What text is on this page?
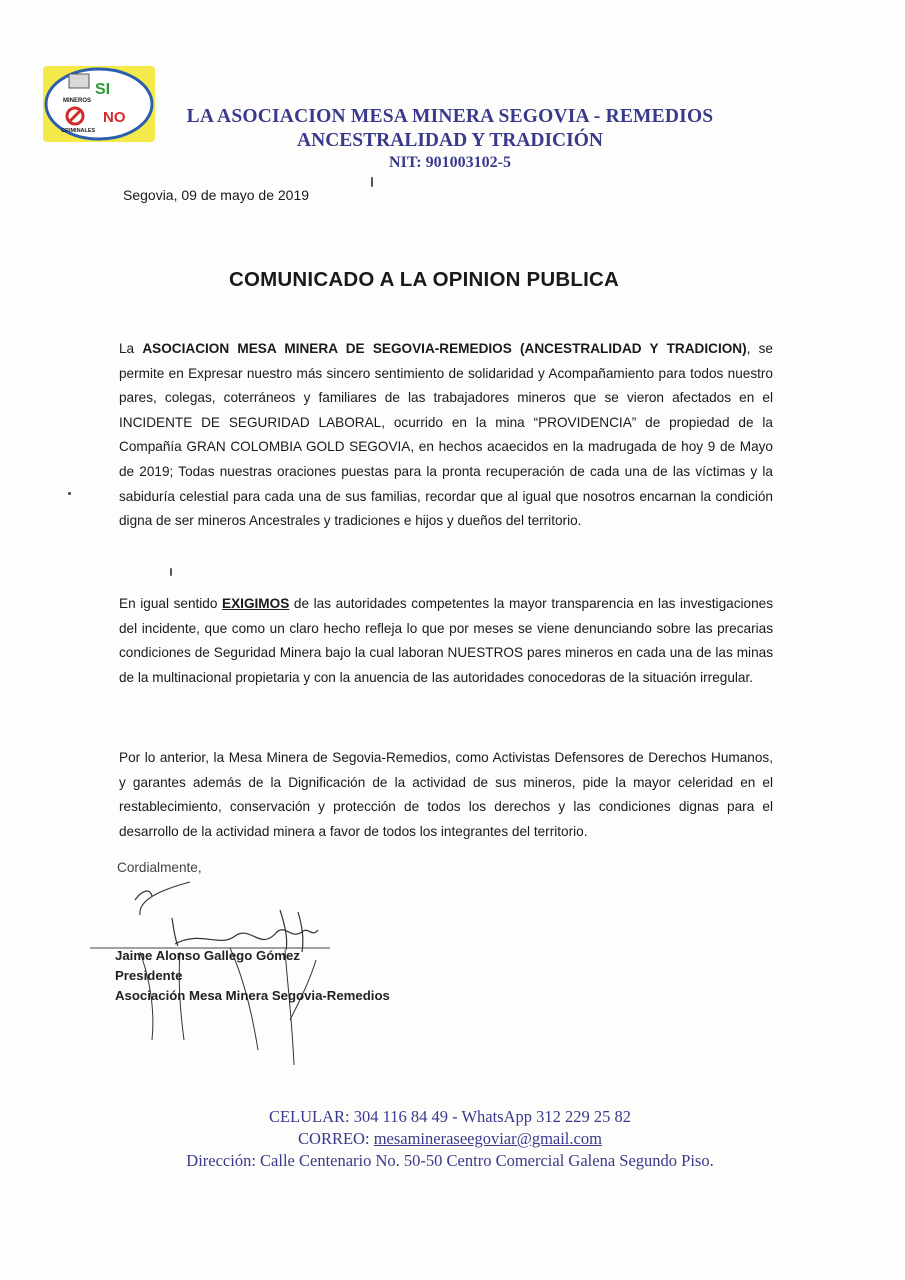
SI
MINEROS
NO
CRIMINALES
LA ASOCIACION MESA MINERA SEGOVIA - REMEDIOS
ANCESTRALIDAD Y TRADICIÓN
NIT: 901003102-5
Segovia, 09 de mayo de 2019
COMUNICADO A LA OPINION PUBLICA
La ASOCIACION MESA MINERA DE SEGOVIA-REMEDIOS (ANCESTRALIDAD Y TRADICION), se permite en Expresar nuestro más sincero sentimiento de solidaridad y Acompañamiento para todos nuestro pares, colegas, coterráneos y familiares de las trabajadores mineros que se vieron afectados en el INCIDENTE DE SEGURIDAD LABORAL, ocurrido en la mina “PROVIDENCIA” de propiedad de la Compañía GRAN COLOMBIA GOLD SEGOVIA, en hechos acaecidos en la madrugada de hoy 9 de Mayo de 2019; Todas nuestras oraciones puestas para la pronta recuperación de cada una de las víctimas y la sabiduría celestial para cada una de sus familias, recordar que al igual que nosotros encarnan la condición digna de ser mineros Ancestrales y tradiciones e hijos y dueños del territorio.
En igual sentido EXIGIMOS de las autoridades competentes la mayor transparencia en las investigaciones del incidente, que como un claro hecho refleja lo que por meses se viene denunciando sobre las precarias condiciones de Seguridad Minera bajo la cual laboran NUESTROS pares mineros en cada una de las minas de la multinacional propietaria y con la anuencia de las autoridades conocedoras de la situación irregular.
Por lo anterior, la Mesa Minera de Segovia-Remedios, como Activistas Defensores de Derechos Humanos, y garantes además de la Dignificación de la actividad de sus mineros, pide la mayor celeridad en el restablecimiento, conservación y protección de todos los derechos y las condiciones dignas para el desarrollo de la actividad minera a favor de todos los integrantes del territorio.
Cordialmente,
Jaime Alonso Gallego Gómez
Presidente
Asociación Mesa Minera Segovia-Remedios
CELULAR: 304 116 84 49 - WhatsApp 312 229 25 82
CORREO: mesamineraseegoviar@gmail.com
Dirección: Calle Centenario No. 50-50 Centro Comercial Galena Segundo Piso.
